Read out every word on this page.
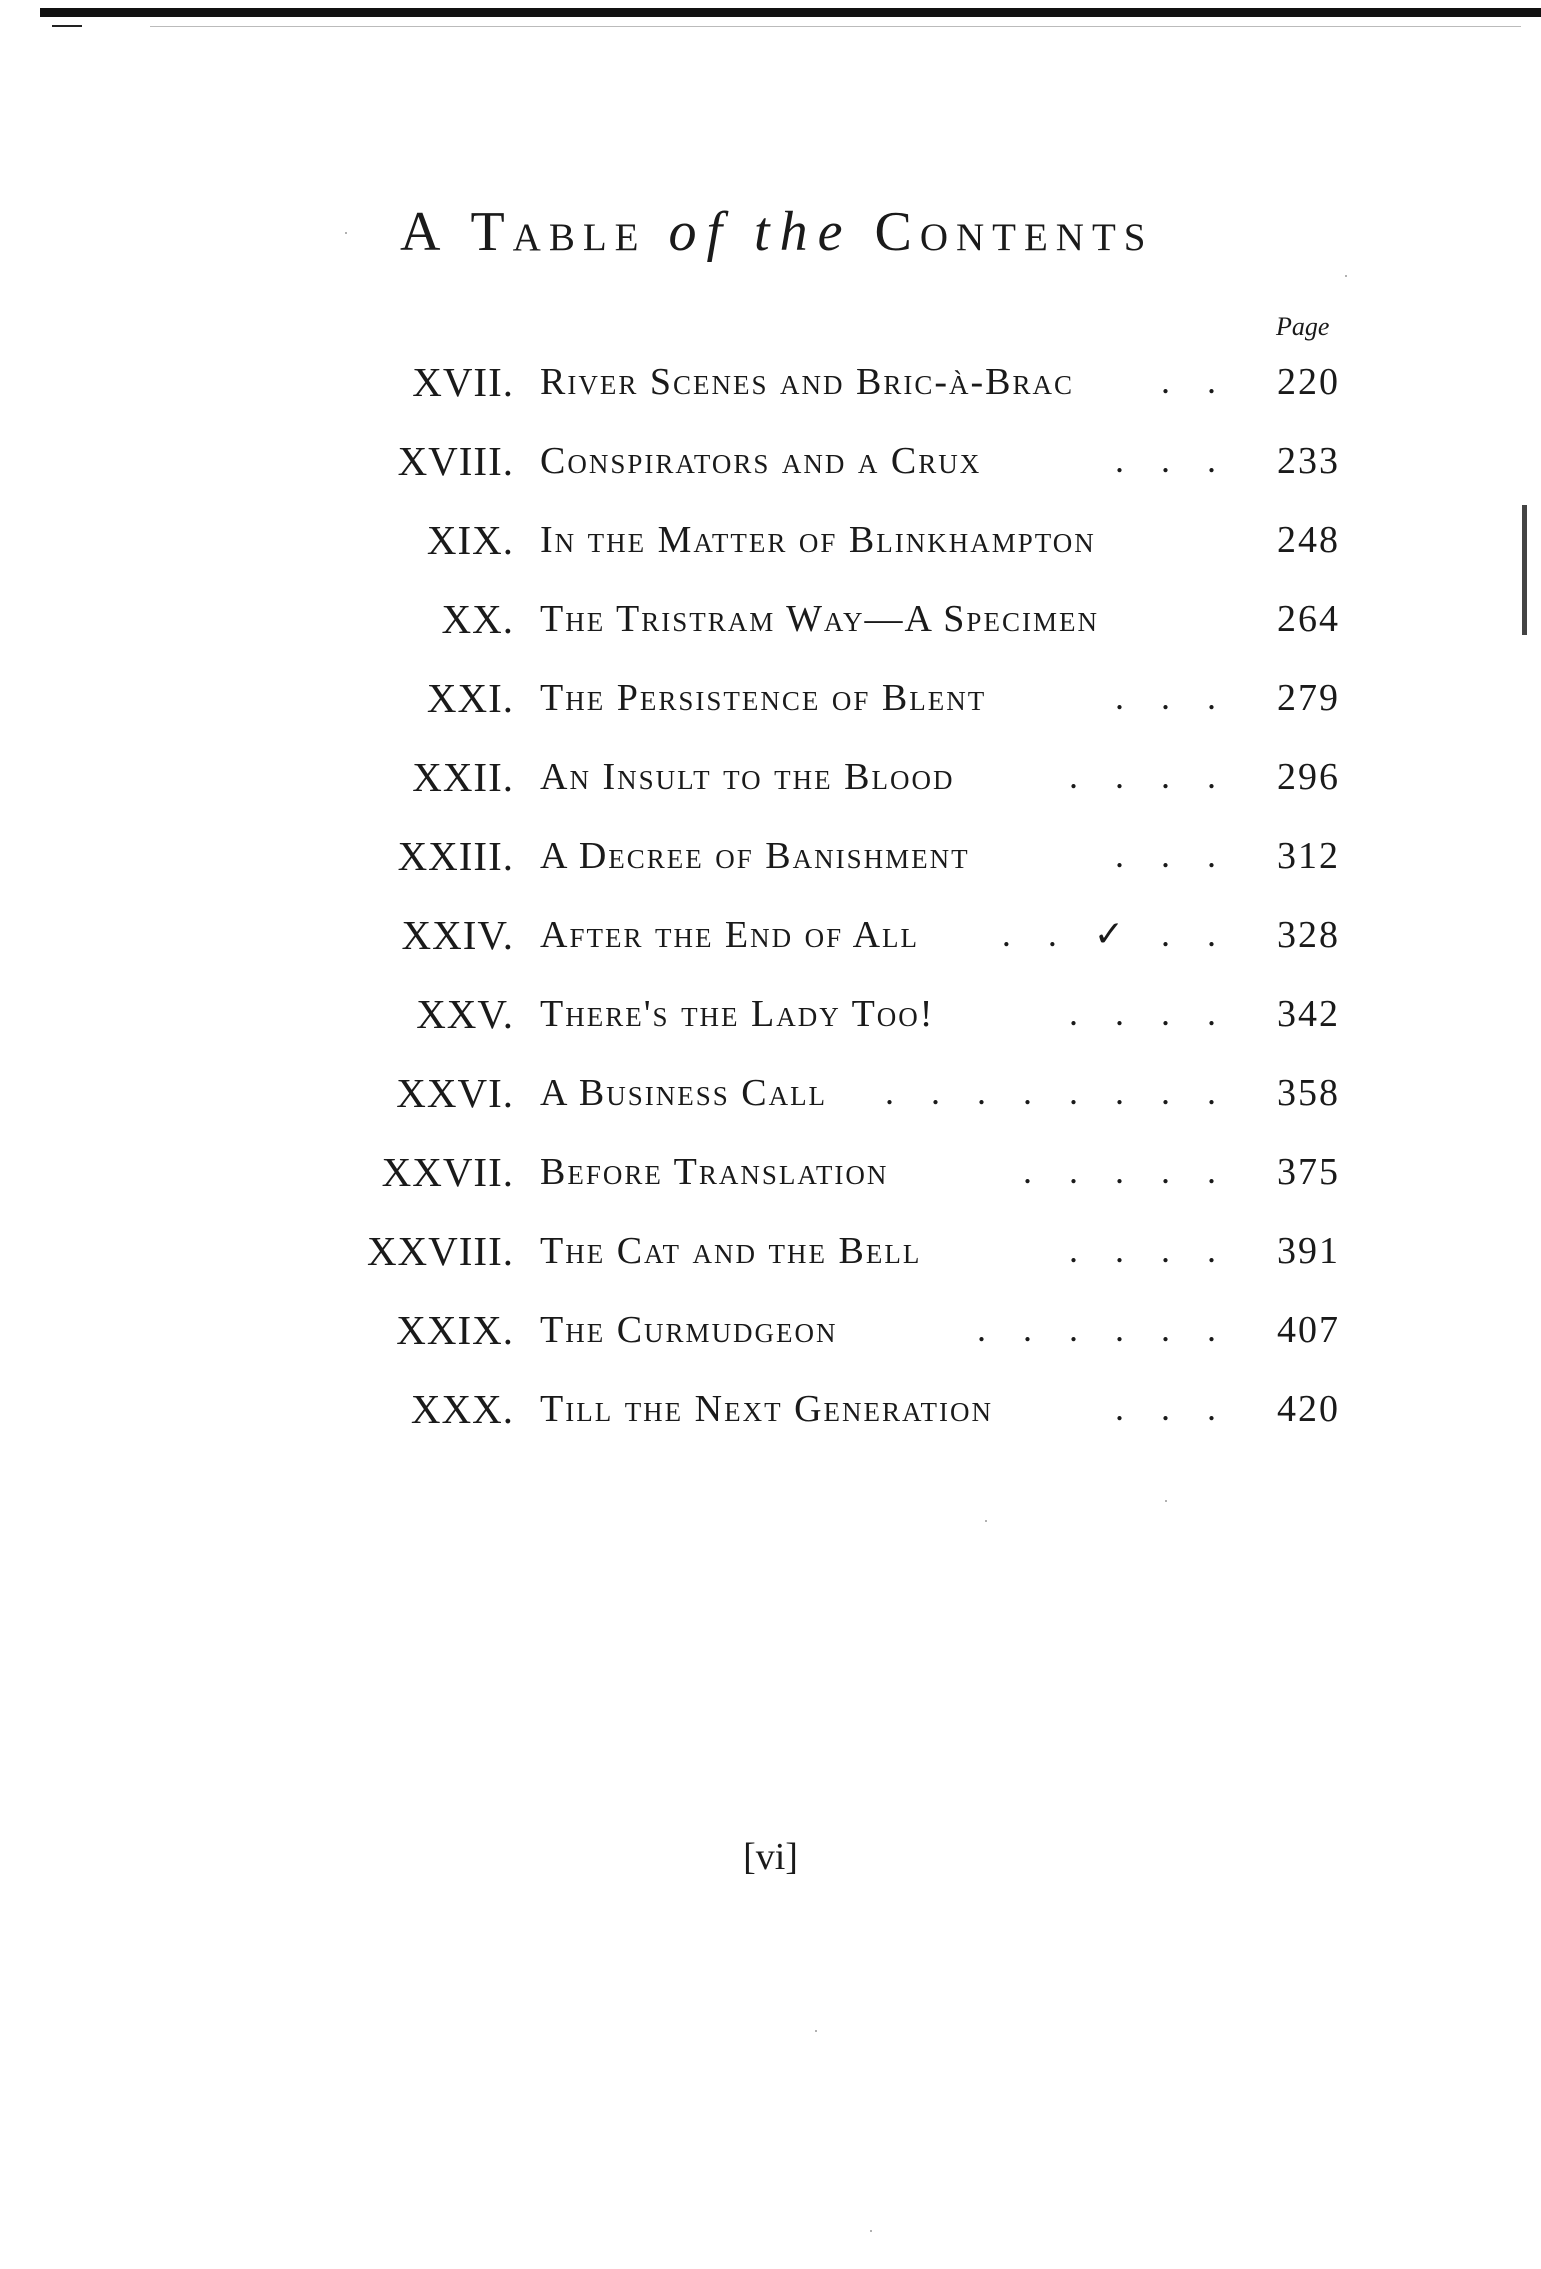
A Table of the Contents
Page
XVII. River Scenes and Bric-à-Brac . .	220
XVIII. Conspirators and a Crux	. . .	233
XIX. In the Matter of Blinkhampton	248
XX. The Tristram Way—A Specimen	264
XXI. The Persistence of Blent	. . .	279
XXII. An Insult to the Blood	. . . .	296
XXIII. A Decree of Banishment	. . .	312
XXIV. After the End of All . . ✓ . .	328
XXV. There's the Lady Too!	. . . .	342
XXVI. A Business Call . . . . . . . .	358
XXVII. Before Translation	. . . . .	375
XXVIII. The Cat and the Bell	. . . .	391
XXIX. The Curmudgeon	. . . . . .	407
XXX. Till the Next Generation	. . .	420
[vi]
